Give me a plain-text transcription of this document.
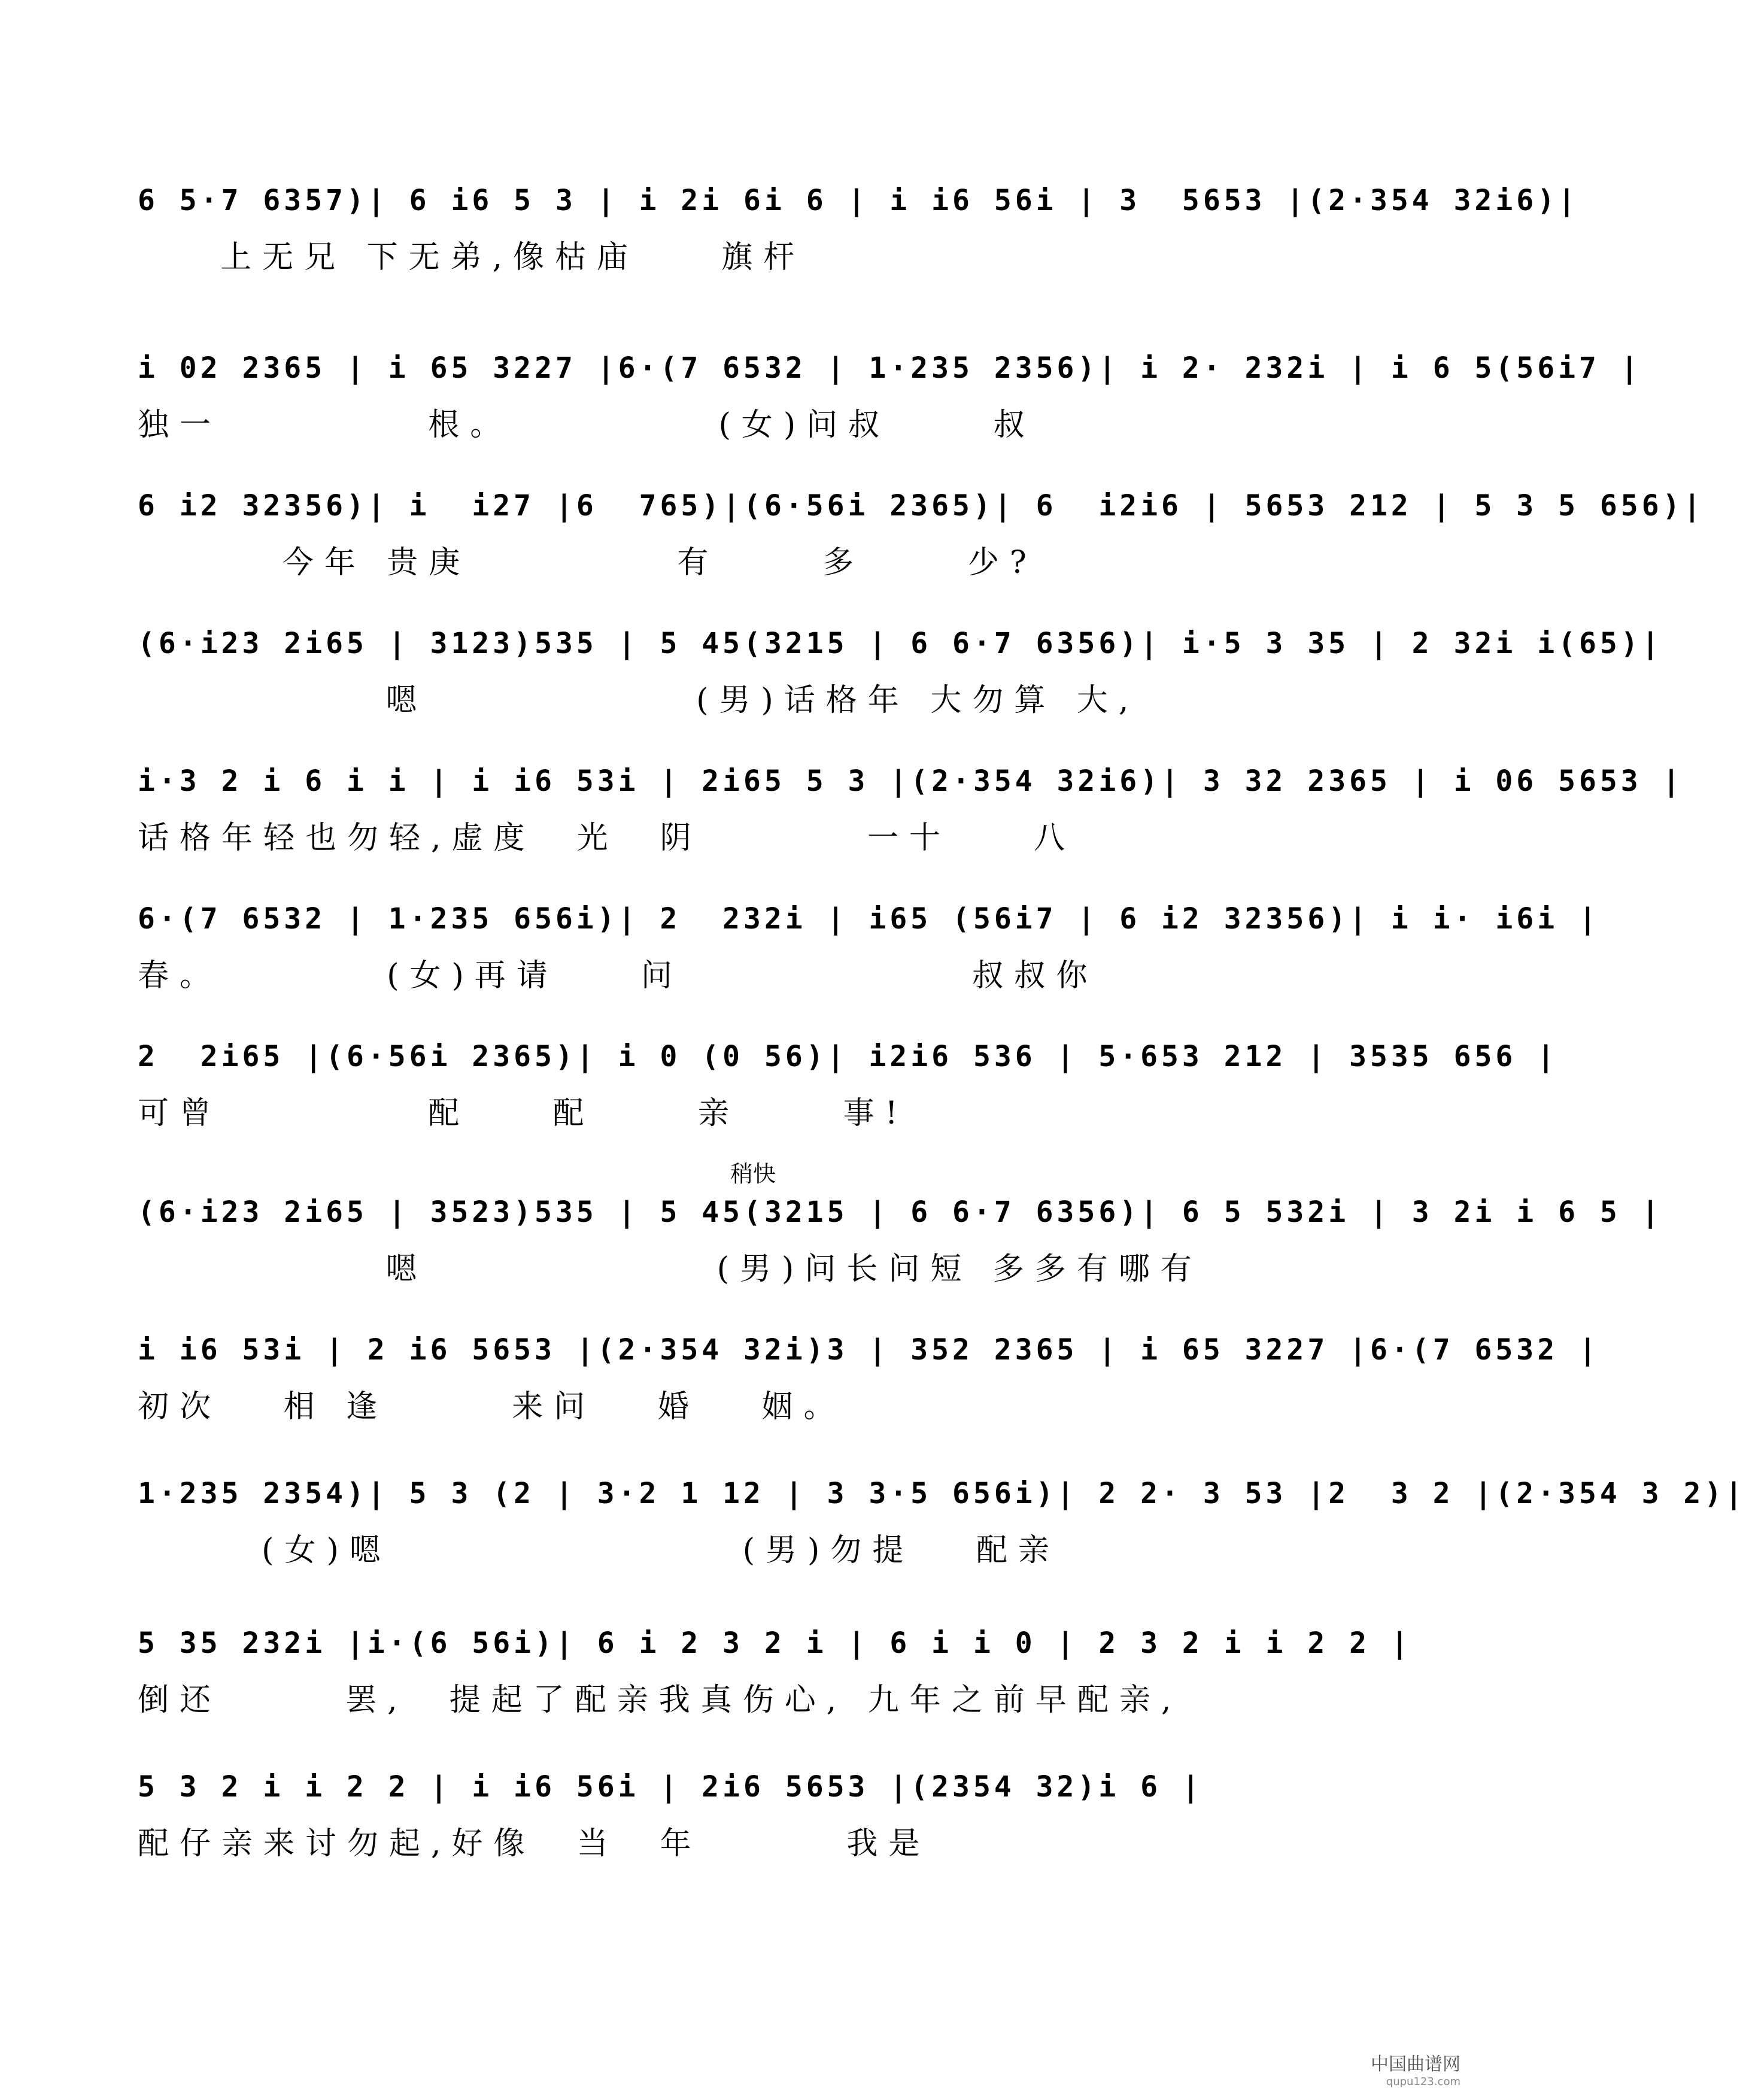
6 5·7 6357)| 6 i6 5 3 | i 2i 6i 6 | i i6 56i | 3  5653 |(2·354 32i6)|
上无兄 下无弟,像枯庙    旗杆
i 02 2365 | i 65 3227 |6·(7 6532 | 1·235 2356)| i 2· 232i | i 6 5(56i7 |
独一          根。          (女)问叔     叔
6 i2 32356)| i  i27 |6  765)|(6·56i 2365)| 6  i2i6 | 5653 212 | 5 3 5 656)|
今年 贵庚          有     多     少?
(6·i23 2i65 | 3123)535 | 5 45(3215 | 6 6·7 6356)| i·5 3 35 | 2 32i i(65)|
嗯             (男)话格年 大勿算 大,
i·3 2 i 6 i i | i i6 53i | 2i65 5 3 |(2·354 32i6)| 3 32 2365 | i 06 5653 |
话格年轻也勿轻,虚度  光  阴        一十    八
6·(7 6532 | 1·235 656i)| 2  232i | i65 (56i7 | 6 i2 32356)| i i· i6i |
春。        (女)再请    问              叔叔你
2  2i65 |(6·56i 2365)| i 0 (0 56)| i2i6 536 | 5·653 212 | 3535 656 |
可曾          配    配     亲     事!
稍快
(6·i23 2i65 | 3523)535 | 5 45(3215 | 6 6·7 6356)| 6 5 532i | 3 2i i 6 5 |
嗯              (男)问长问短 多多有哪有
i i6 53i | 2 i6 5653 |(2·354 32i)3 | 352 2365 | i 65 3227 |6·(7 6532 |
初次   相 逢      来问   婚   姻。
1·235 2354)| 5 3 (2 | 3·2 1 12 | 3 3·5 656i)| 2 2· 3 53 |2  3 2 |(2·354 3 2)|
(女)嗯                 (男)勿提   配亲
5 35 232i |i·(6 56i)| 6 i 2 3 2 i | 6 i i 0 | 2 3 2 i i 2 2 |
倒还      罢,  提起了配亲我真伤心, 九年之前早配亲,
5 3 2 i i 2 2 | i i6 56i | 2i6 5653 |(2354 32)i 6 |
配仔亲来讨勿起,好像  当  年       我是
中国曲谱网
qupu123.com
